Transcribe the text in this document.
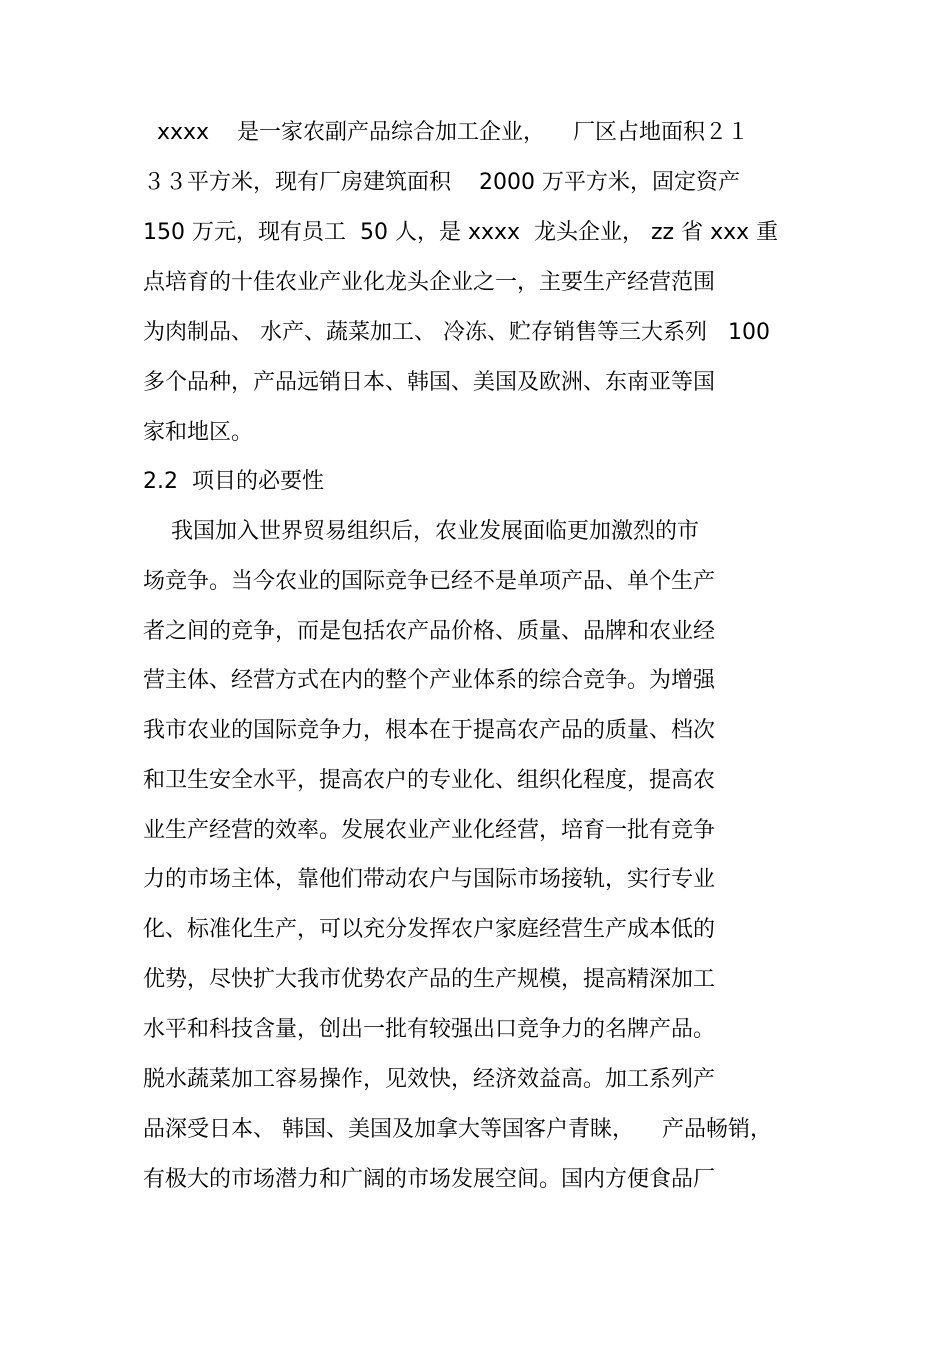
xxxx    是一家农副产品综合加工企业，    厂区占地面积２１
３３平方米，现有厂房建筑面积    2000 万平方米，固定资产
150 万元，现有员工  50 人，是 xxxx  龙头企业， zz 省 xxx 重
点培育的十佳农业产业化龙头企业之一，主要生产经营范围
为肉制品、 水产、蔬菜加工、 冷冻、贮存销售等三大系列   100
多个品种，产品远销日本、韩国、美国及欧洲、东南亚等国
家和地区。
2.2  项目的必要性
我国加入世界贸易组织后，农业发展面临更加激烈的市
场竞争。当今农业的国际竞争已经不是单项产品、单个生产
者之间的竞争，而是包括农产品价格、质量、品牌和农业经
营主体、经营方式在内的整个产业体系的综合竞争。为增强
我市农业的国际竞争力，根本在于提高农产品的质量、档次
和卫生安全水平，提高农户的专业化、组织化程度，提高农
业生产经营的效率。发展农业产业化经营，培育一批有竞争
力的市场主体，靠他们带动农户与国际市场接轨，实行专业
化、标准化生产，可以充分发挥农户家庭经营生产成本低的
优势，尽快扩大我市优势农产品的生产规模，提高精深加工
水平和科技含量，创出一批有较强出口竞争力的名牌产品。
脱水蔬菜加工容易操作，见效快，经济效益高。加工系列产
品深受日本、 韩国、美国及加拿大等国客户青睐，    产品畅销，
有极大的市场潜力和广阔的市场发展空间。国内方便食品厂
